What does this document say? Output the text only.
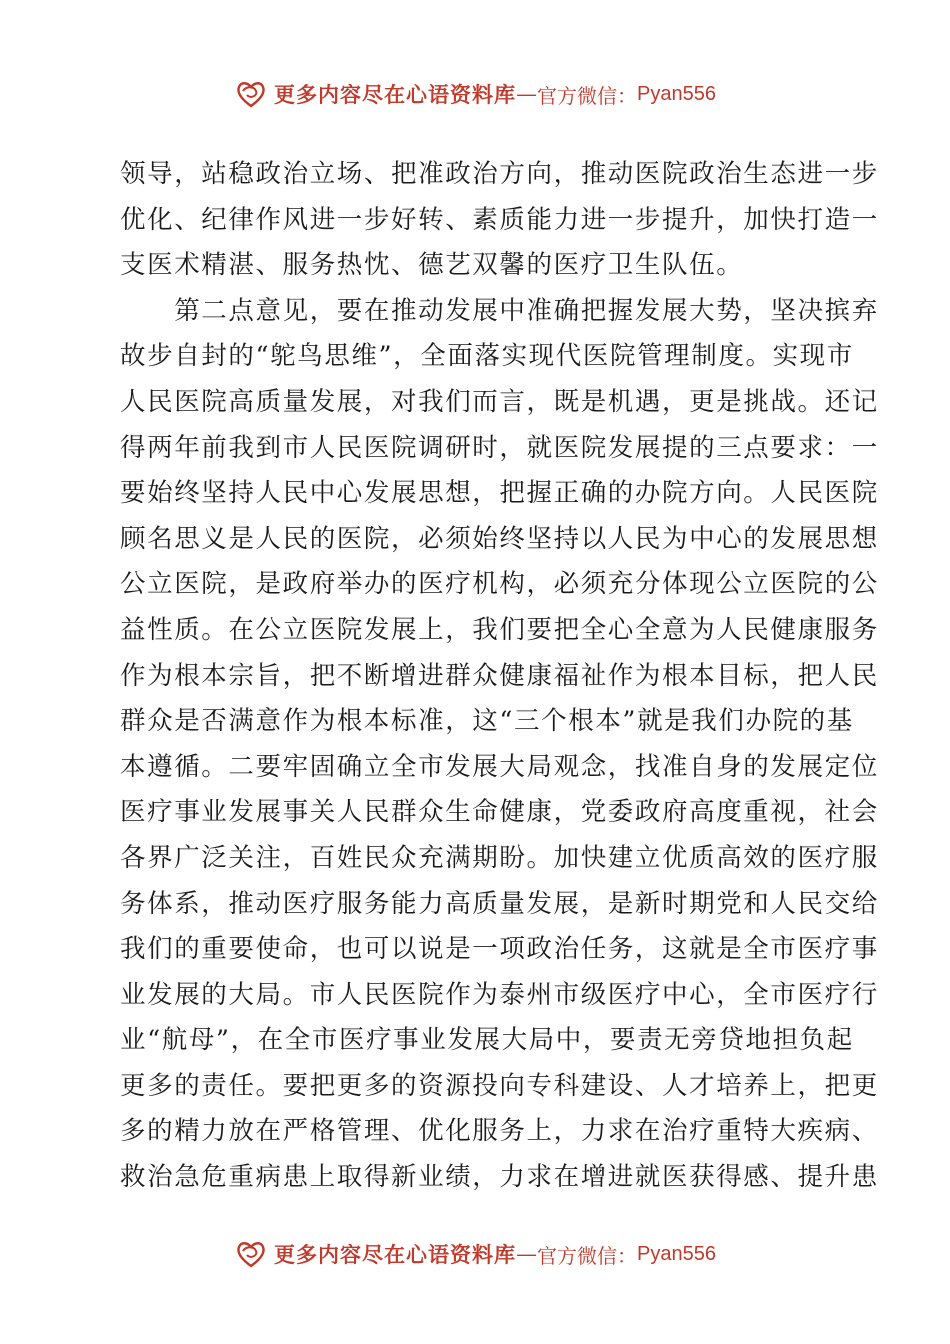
更多内容尽在心语资料库 — 官方微信： Pyan556
领导，站稳政治立场、把准政治方向，推动医院政治生态进一步
优化、纪律作风进一步好转、素质能力进一步提升，加快打造一
支医术精湛、服务热忱、德艺双馨的医疗卫生队伍。
　　第二点意见，要在推动发展中准确把握发展大势，坚决摈弃
故步自封的“鸵鸟思维”，全面落实现代医院管理制度。实现市
人民医院高质量发展，对我们而言，既是机遇，更是挑战。还记
得两年前我到市人民医院调研时，就医院发展提的三点要求：一
要始终坚持人民中心发展思想，把握正确的办院方向。人民医院
顾名思义是人民的医院，必须始终坚持以人民为中心的发展思想
公立医院，是政府举办的医疗机构，必须充分体现公立医院的公
益性质。在公立医院发展上，我们要把全心全意为人民健康服务
作为根本宗旨，把不断增进群众健康福祉作为根本目标，把人民
群众是否满意作为根本标准，这“三个根本”就是我们办院的基
本遵循。二要牢固确立全市发展大局观念，找准自身的发展定位
医疗事业发展事关人民群众生命健康，党委政府高度重视，社会
各界广泛关注，百姓民众充满期盼。加快建立优质高效的医疗服
务体系，推动医疗服务能力高质量发展，是新时期党和人民交给
我们的重要使命，也可以说是一项政治任务，这就是全市医疗事
业发展的大局。市人民医院作为泰州市级医疗中心，全市医疗行
业“航母”，在全市医疗事业发展大局中，要责无旁贷地担负起
更多的责任。要把更多的资源投向专科建设、人才培养上，把更
多的精力放在严格管理、优化服务上，力求在治疗重特大疾病、
救治急危重病患上取得新业绩，力求在增进就医获得感、提升患
更多内容尽在心语资料库 — 官方微信： Pyan556
